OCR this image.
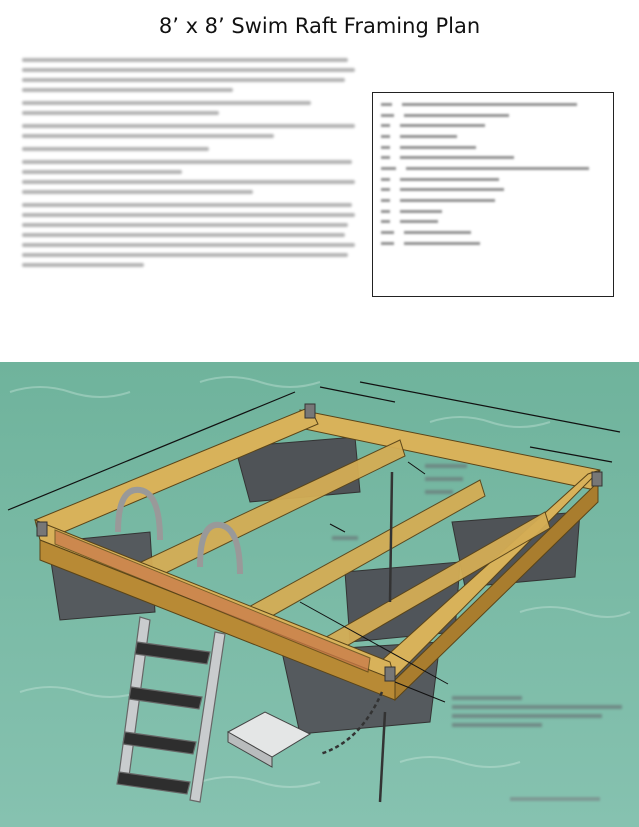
8’ x 8’ Swim Raft Framing Plan
